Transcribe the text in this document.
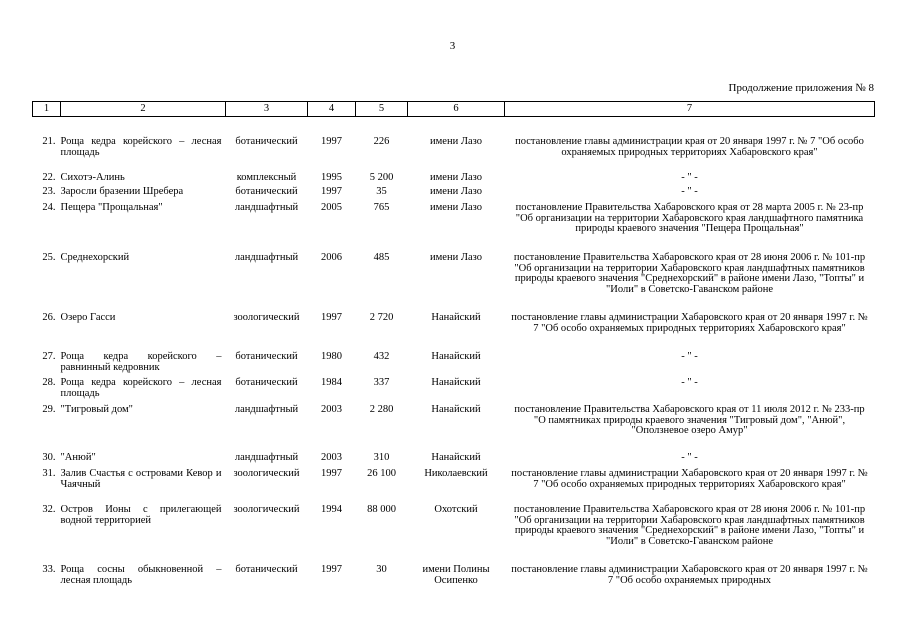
3
Продолжение приложения № 8
1	2	3	4	5	6	7

21.	Роща кедра корейского – лесная площадь	ботанический	1997	226	имени Лазо	постановление главы администрации края от 20 января 1997 г. № 7 "Об особо охраняемых природных территориях Хабаровского края"
22.	Сихотэ-Алинь	комплексный	1995	5 200	имени Лазо	- " -
23.	Заросли бразении Шребера	ботанический	1997	35	имени Лазо	- " -
24.	Пещера "Прощальная"	ландшафтный	2005	765	имени Лазо	постановление Правительства Хабаровского края от 28 марта 2005 г. № 23-пр "Об организации на территории Хабаровского края ландшафтного памятника природы краевого значения "Пещера Прощальная"
25.	Среднехорский	ландшафтный	2006	485	имени Лазо	постановление Правительства Хабаровского края от 28 июня 2006 г. № 101-пр "Об организации на территории Хабаровского края ландшафтных памятников природы краевого значения "Среднехорский" в районе имени Лазо, "Топты" и "Иоли" в Советско-Гаванском районе
26.	Озеро Гасси	зоологический	1997	2 720	Нанайский	постановление главы администрации Хабаровского края от 20 января 1997 г. № 7 "Об особо охраняемых природных территориях Хабаровского края"
27.	Роща кедра корейского – равнинный кедровник	ботанический	1980	432	Нанайский	- " -
28.	Роща кедра корейского – лесная площадь	ботанический	1984	337	Нанайский	- " -
29.	"Тигровый дом"	ландшафтный	2003	2 280	Нанайский	постановление Правительства Хабаровского края от 11 июля 2012 г. № 233-пр "О памятниках природы краевого значения "Тигровый дом", "Анюй", "Оползневое озеро Амур"
30.	"Анюй"	ландшафтный	2003	310	Нанайский	- " -
31.	Залив Счастья с островами Кевор и Чаячный	зоологический	1997	26 100	Николаевский	постановление главы администрации Хабаровского края от 20 января 1997 г. № 7 "Об особо охраняемых природных территориях Хабаровского края"
32.	Остров Ионы с прилегающей водной территорией	зоологический	1994	88 000	Охотский	постановление Правительства Хабаровского края от 28 июня 2006 г. № 101-пр "Об организации на территории Хабаровского края ландшафтных памятников природы краевого значения "Среднехорский" в районе имени Лазо, "Топты" и "Иоли" в Советско-Гаванском районе
33.	Роща сосны обыкновенной – лесная площадь	ботанический	1997	30	имени Полины Осипенко	постановление главы администрации Хабаровского края от 20 января 1997 г. № 7 "Об особо охраняемых природных
